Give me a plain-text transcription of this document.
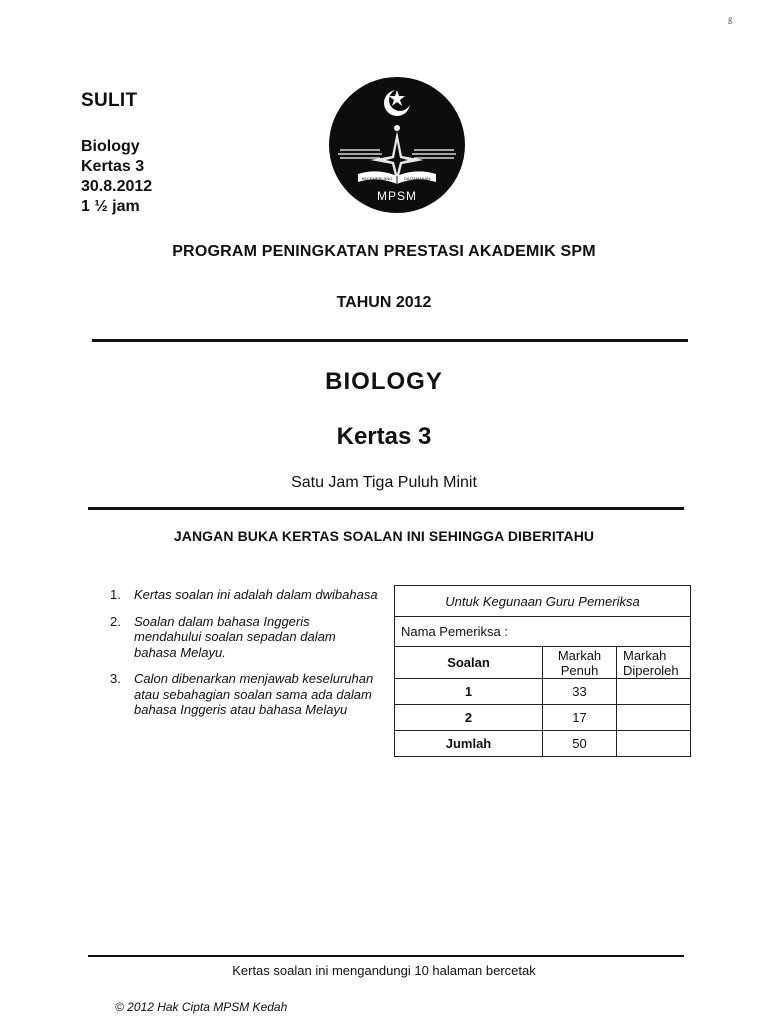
ß
SULIT
Biology
Kertas 3
30.8.2012
1 ½ jam
KECEMERLANG	DIUTAMAKAN
MPSM
PROGRAM PENINGKATAN PRESTASI AKADEMIK SPM
TAHUN 2012
BIOLOGY
Kertas 3
Satu Jam Tiga Puluh Minit
JANGAN BUKA KERTAS SOALAN INI SEHINGGA DIBERITAHU
1.	Kertas soalan ini adalah dalam dwibahasa
2.	Soalan dalam bahasa Inggeris mendahului soalan sepadan dalam bahasa Melayu.
3.	Calon dibenarkan menjawab keseluruhan atau sebahagian soalan sama ada dalam bahasa Inggeris atau bahasa Melayu
Untuk Kegunaan Guru Pemeriksa		
Nama Pemeriksa :		
Soalan	Markah Penuh	Markah Diperoleh
1	33	
2	17	
Jumlah	50	
Kertas soalan ini mengandungi 10 halaman bercetak
© 2012 Hak Cipta MPSM Kedah
